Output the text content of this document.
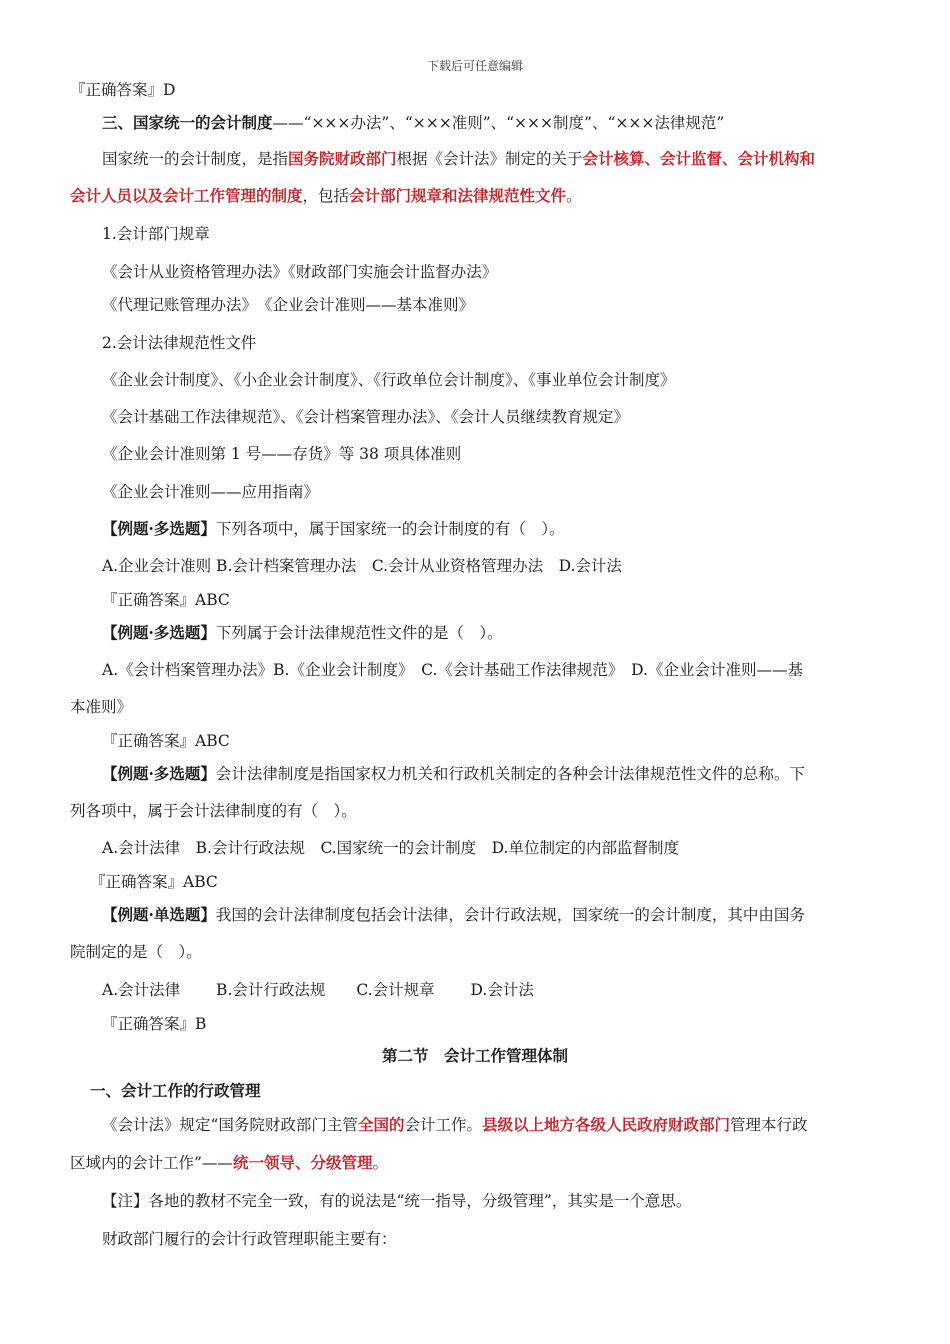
下载后可任意编辑
『正确答案』D
三、国家统一的会计制度——“×××办法”、“×××准则”、“×××制度”、“×××法律规范”
国家统一的会计制度，是指国务院财政部门根据《会计法》制定的关于会计核算、会计监督、会计机构和
会计人员以及会计工作管理的制度，包括会计部门规章和法律规范性文件。
1.会计部门规章
《会计从业资格管理办法》《财政部门实施会计监督办法》
《代理记账管理办法》　《企业会计准则——基本准则》
2.会计法律规范性文件
《企业会计制度》、《小企业会计制度》、《行政单位会计制度》、《事业单位会计制度》
《会计基础工作法律规范》、《会计档案管理办法》、《会计人员继续教育规定》
《企业会计准则第 1 号——存货》等 38 项具体准则
《企业会计准则——应用指南》
【例题·多选题】下列各项中，属于国家统一的会计制度的有（　）。
A.企业会计准则 B.会计档案管理办法　C.会计从业资格管理办法　D.会计法
『正确答案』ABC
【例题·多选题】下列属于会计法律规范性文件的是（　）。
A.《会计档案管理办法》B.《企业会计制度》　C.《会计基础工作法律规范》　D.《企业会计准则——基
本准则》
『正确答案』ABC
【例题·多选题】会计法律制度是指国家权力机关和行政机关制定的各种会计法律规范性文件的总称。下
列各项中，属于会计法律制度的有（　）。
A.会计法律　B.会计行政法规　C.国家统一的会计制度　D.单位制定的内部监督制度
『正确答案』ABC
【例题·单选题】我国的会计法律制度包括会计法律，会计行政法规，国家统一的会计制度，其中由国务
院制定的是（　）。
A.会计法律　　 B.会计行政法规　　C.会计规章　　 D.会计法
『正确答案』B
第二节　会计工作管理体制
一、会计工作的行政管理
《会计法》规定“国务院财政部门主管全国的会计工作。县级以上地方各级人民政府财政部门管理本行政
区域内的会计工作”——统一领导、分级管理。
【注】各地的教材不完全一致，有的说法是“统一指导，分级管理”，其实是一个意思。
财政部门履行的会计行政管理职能主要有：
